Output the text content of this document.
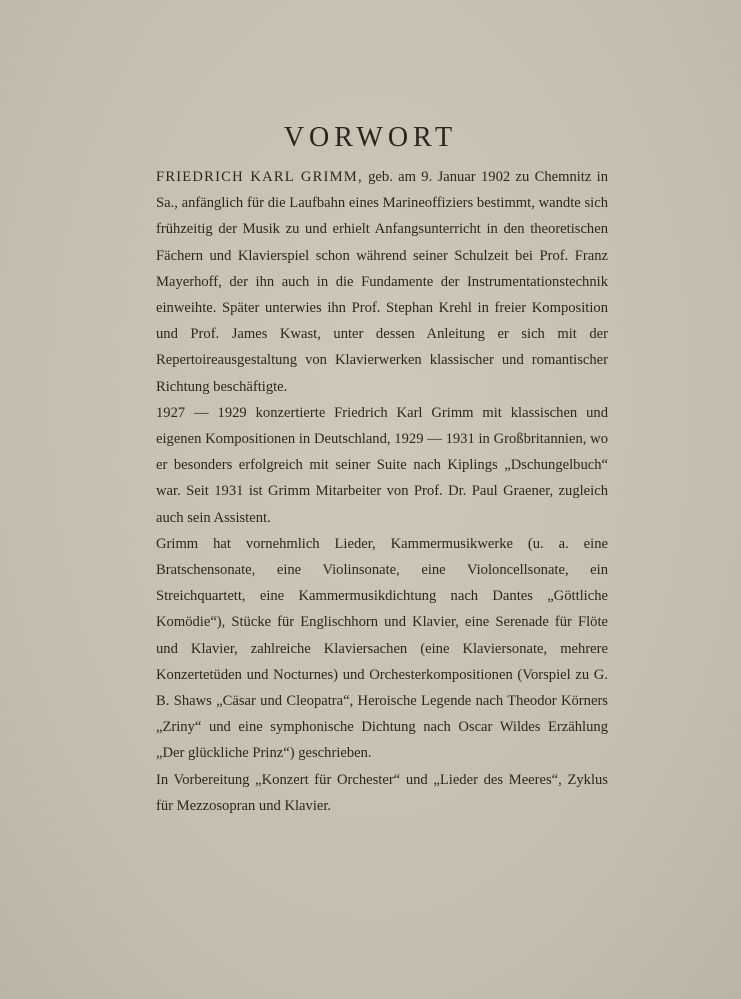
VORWORT

FRIEDRICH KARL GRIMM, geb. am 9. Januar 1902 zu Chemnitz in Sa., anfänglich für die Laufbahn eines Marineoffiziers bestimmt, wandte sich frühzeitig der Musik zu und erhielt Anfangsunterricht in den theoretischen Fächern und Klavierspiel schon während seiner Schulzeit bei Prof. Franz Mayerhoff, der ihn auch in die Fundamente der Instrumentationstechnik einweihte. Später unterwies ihn Prof. Stephan Krehl in freier Komposition und Prof. James Kwast, unter dessen Anleitung er sich mit der Repertoireausgestaltung von Klavierwerken klassischer und romantischer Richtung beschäftigte.

1927 — 1929 konzertierte Friedrich Karl Grimm mit klassischen und eigenen Kompositionen in Deutschland, 1929 — 1931 in Großbritannien, wo er besonders erfolgreich mit seiner Suite nach Kiplings „Dschungelbuch“ war. Seit 1931 ist Grimm Mitarbeiter von Prof. Dr. Paul Graener, zugleich auch sein Assistent.

Grimm hat vornehmlich Lieder, Kammermusikwerke (u. a. eine Bratschensonate, eine Violinsonate, eine Violoncellsonate, ein Streichquartett, eine Kammermusikdichtung nach Dantes „Göttliche Komödie“), Stücke für Englischhorn und Klavier, eine Serenade für Flöte und Klavier, zahlreiche Klaviersachen (eine Klaviersonate, mehrere Konzertetüden und Nocturnes) und Orchesterkompositionen (Vorspiel zu G. B. Shaws „Cäsar und Cleopatra“, Heroische Legende nach Theodor Körners „Zriny“ und eine symphonische Dichtung nach Oscar Wildes Erzählung „Der glückliche Prinz“) geschrieben.

In Vorbereitung „Konzert für Orchester“ und „Lieder des Meeres“, Zyklus für Mezzosopran und Klavier.
